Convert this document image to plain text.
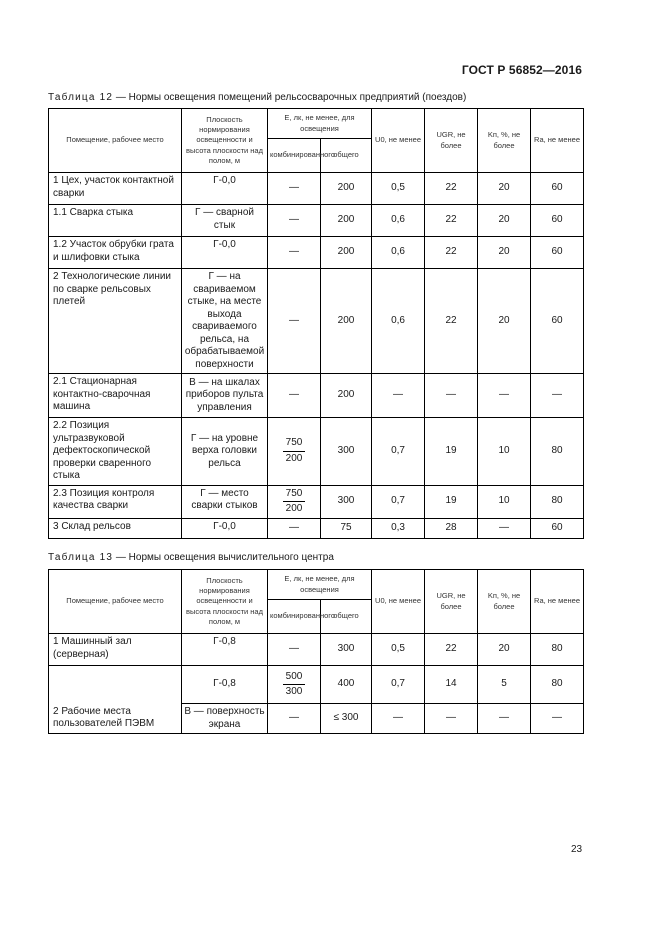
ГОСТ Р 56852—2016
Таблица 12 — Нормы освещения помещений рельсосварочных предприятий (поездов)
Помещение, рабочее место	Плоскость нормирования освещенности и высота плоскости над полом, м	E, лк, не менее, для освещения		U0, не менее	UGR, не более	Kп, %, не более	Ra, не менее
		комбинированного	общего				
1 Цех, участок контактной сварки	Г-0,0	—	200	0,5	22	20	60
1.1 Сварка стыка	Г — сварной стык	—	200	0,6	22	20	60
1.2 Участок обрубки грата и шлифовки стыка	Г-0,0	—	200	0,6	22	20	60
2 Технологические линии по сварке рельсовых плетей	Г — на свариваемом стыке, на месте выхода свариваемого рельса, на обрабатываемой поверхности	—	200	0,6	22	20	60
2.1 Стационарная контактно-сварочная машина	В — на шкалах приборов пульта управления	—	200	—	—	—	—
2.2 Позиция ультразвуковой дефектоскопической проверки сваренного стыка	Г — на уровне верха головки рельса	$\frac{750}{200}$	300	0,7	19	10	80
2.3 Позиция контроля качества сварки	Г — место сварки стыков	$\frac{750}{200}$	300	0,7	19	10	80
3 Склад рельсов	Г-0,0	—	75	0,3	28	—	60
Таблица 13 — Нормы освещения вычислительного центра
Помещение, рабочее место	Плоскость нормирования освещенности и высота плоскости над полом, м	E, лк, не менее, для освещения		U0, не менее	UGR, не более	Kп, %, не более	Ra, не менее
		комбинированного	общего				
1 Машинный зал (серверная)	Г-0,8	—	300	0,5	22	20	80
	Г-0,8	$\frac{500}{300}$	400	0,7	14	5	80
2 Рабочие места пользователей ПЭВМ	В — поверхность экрана	—	≤ 300	—	—	—	—
23
